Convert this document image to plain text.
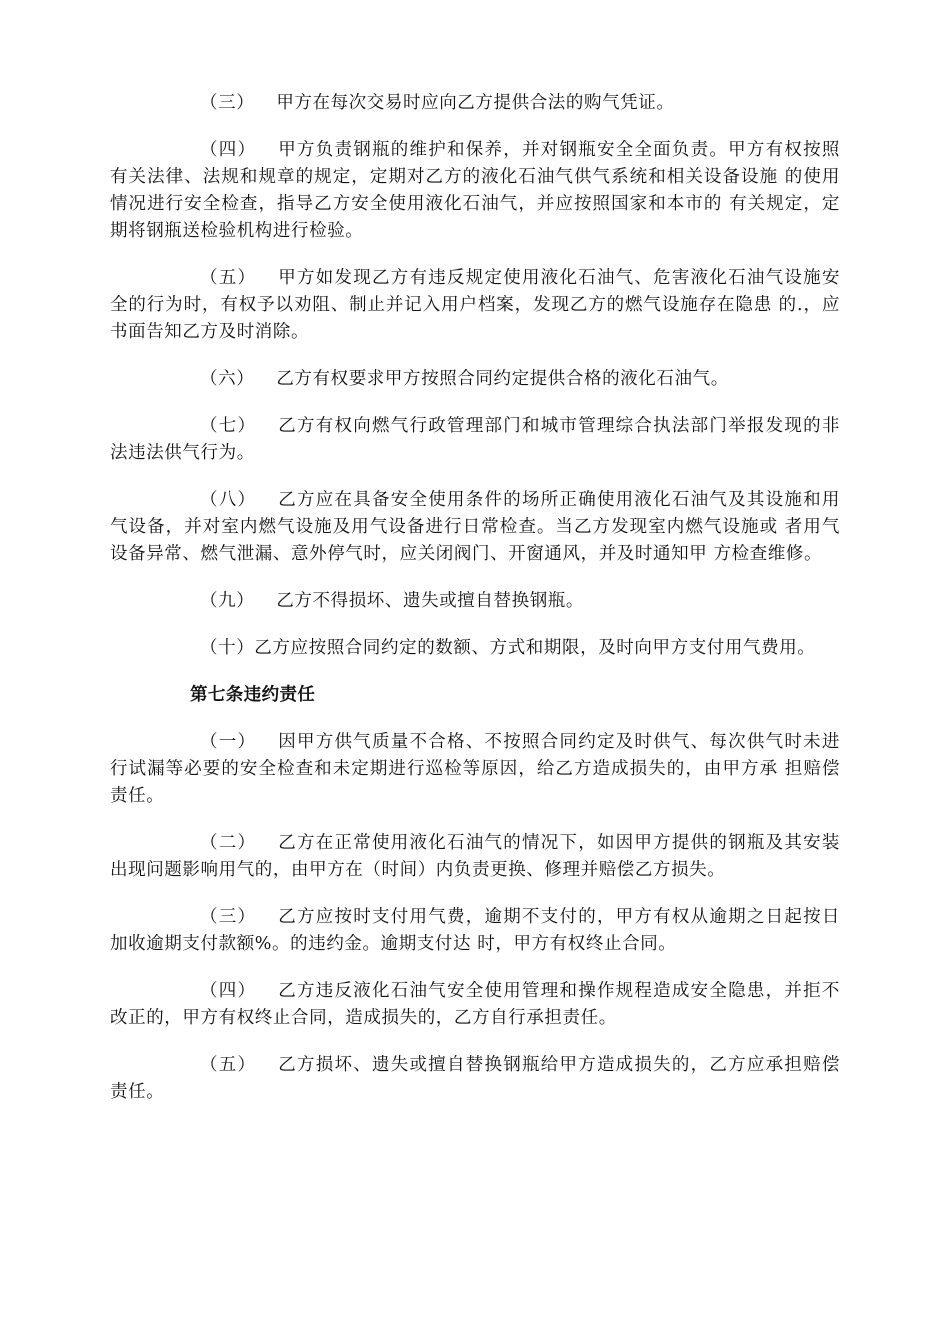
（三） 甲方在每次交易时应向乙方提供合法的购气凭证。

（四） 甲方负责钢瓶的维护和保养，并对钢瓶安全全面负责。甲方有权按照 有关法律、法规和规章的规定，定期对乙方的液化石油气供气系统和相关设备设施 的使用情况进行安全检查，指导乙方安全使用液化石油气，并应按照国家和本市的 有关规定，定期将钢瓶送检验机构进行检验。

（五） 甲方如发现乙方有违反规定使用液化石油气、危害液化石油气设施安 全的行为时，有权予以劝阻、制止并记入用户档案，发现乙方的燃气设施存在隐患 的.，应书面告知乙方及时消除。

（六） 乙方有权要求甲方按照合同约定提供合格的液化石油气。

（七） 乙方有权向燃气行政管理部门和城市管理综合执法部门举报发现的非 法违法供气行为。

（八） 乙方应在具备安全使用条件的场所正确使用液化石油气及其设施和用 气设备，并对室内燃气设施及用气设备进行日常检查。当乙方发现室内燃气设施或 者用气设备异常、燃气泄漏、意外停气时，应关闭阀门、开窗通风，并及时通知甲 方检查维修。

（九） 乙方不得损坏、遗失或擅自替换钢瓶。

（十）乙方应按照合同约定的数额、方式和期限，及时向甲方支付用气费用。

第七条违约责任

（一） 因甲方供气质量不合格、不按照合同约定及时供气、每次供气时未进 行试漏等必要的安全检查和未定期进行巡检等原因，给乙方造成损失的，由甲方承 担赔偿责任。

（二） 乙方在正常使用液化石油气的情况下，如因甲方提供的钢瓶及其安装 出现问题影响用气的，由甲方在（时间）内负责更换、修理并赔偿乙方损失。

（三） 乙方应按时支付用气费，逾期不支付的，甲方有权从逾期之日起按日 加收逾期支付款额%。的违约金。逾期支付达 时，甲方有权终止合同。

（四） 乙方违反液化石油气安全使用管理和操作规程造成安全隐患，并拒不 改正的，甲方有权终止合同，造成损失的，乙方自行承担责任。

（五） 乙方损坏、遗失或擅自替换钢瓶给甲方造成损失的，乙方应承担赔偿 责任。
